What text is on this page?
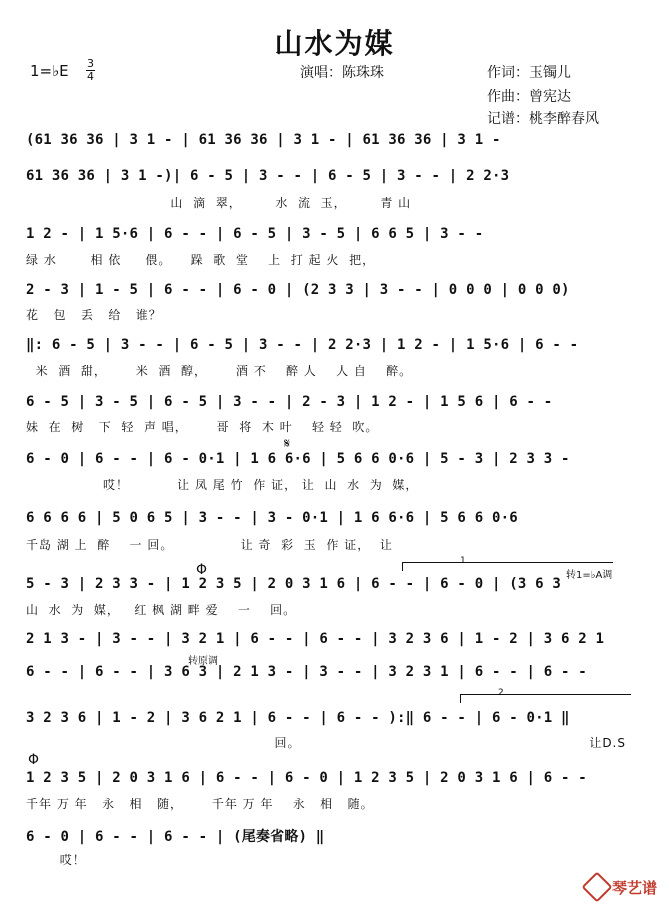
山水为媒
1=♭E 3
4	演唱：陈珠珠	作词：玉镯儿
作曲：曾宪达
记谱：桃李醉春风
(61 36 36 | 3 1 - | 61 36 36 | 3 1 - | 61 36 36 | 3 1 -
61 36 36 | 3 1 -)| 6 - 5 | 3 - - | 6 - 5 | 3 - - | 2 2·3
山  滴  翠，       水  流  玉，       青 山
1 2 - | 1 5·6 | 6 - - | 6 - 5 | 3 - 5 | 6 6 5 | 3 - -
绿 水       相 依     偎。    跺  歌  堂    上  打 起 火  把，
2 - 3 | 1 - 5 | 6 - - | 6 - 0 | (2 3 3 | 3 - - | 0 0 0 | 0 0 0)
花   包   丢   给   谁？
‖: 6 - 5 | 3 - - | 6 - 5 | 3 - - | 2 2·3 | 1 2 - | 1 5·6 | 6 - -
米  酒  甜，      米  酒  醇，      酒 不    醉 人    人 自    醉。
6 - 5 | 3 - 5 | 6 - 5 | 3 - - | 2 - 3 | 1 2 - | 1 5 6 | 6 - -
妹  在  树   下  轻  声 唱，      哥  将  木 叶    轻 轻  吹。
𝄋
6 - 0 | 6 - - | 6 - 0·1 | 1 6 6·6 | 5 6 6 0·6 | 5 - 3 | 2 3 3 -
哎！          让 凤 尾 竹  作 证， 让  山  水  为  媒，
6 6 6 6 | 5 0 6 5 | 3 - - | 3 - 0·1 | 1 6 6·6 | 5 6 6 0·6
千岛 湖 上  醉    一 回。              让 奇  彩  玉  作 证，  让
Φ
1
转1=♭A调
5 - 3 | 2 3 3 - | 1 2 3 5 | 2 0 3 1 6 | 6 - - | 6 - 0 | (3 6 3
山  水  为  媒，   红 枫 湖 畔 爱    一    回。
2 1 3 - | 3 - - | 3 2 1 | 6 - - | 6 - - | 3 2 3 6 | 1 - 2 | 3 6 2 1
转原调
6 - - | 6 - - | 3 6 3 | 2 1 3 - | 3 - - | 3 2 3 1 | 6 - - | 6 - -
2
3 2 3 6 | 1 - 2 | 3 6 2 1 | 6 - - | 6 - - ):‖ 6 - - | 6 - 0·1 ‖
回。                                                            让D.S
Φ
1 2 3 5 | 2 0 3 1 6 | 6 - - | 6 - 0 | 1 2 3 5 | 2 0 3 1 6 | 6 - -
千年 万 年   永   相   随，      千年 万 年    永   相   随。
6 - 0 | 6 - - | 6 - - | (尾奏省略) ‖
哎！
琴艺谱
